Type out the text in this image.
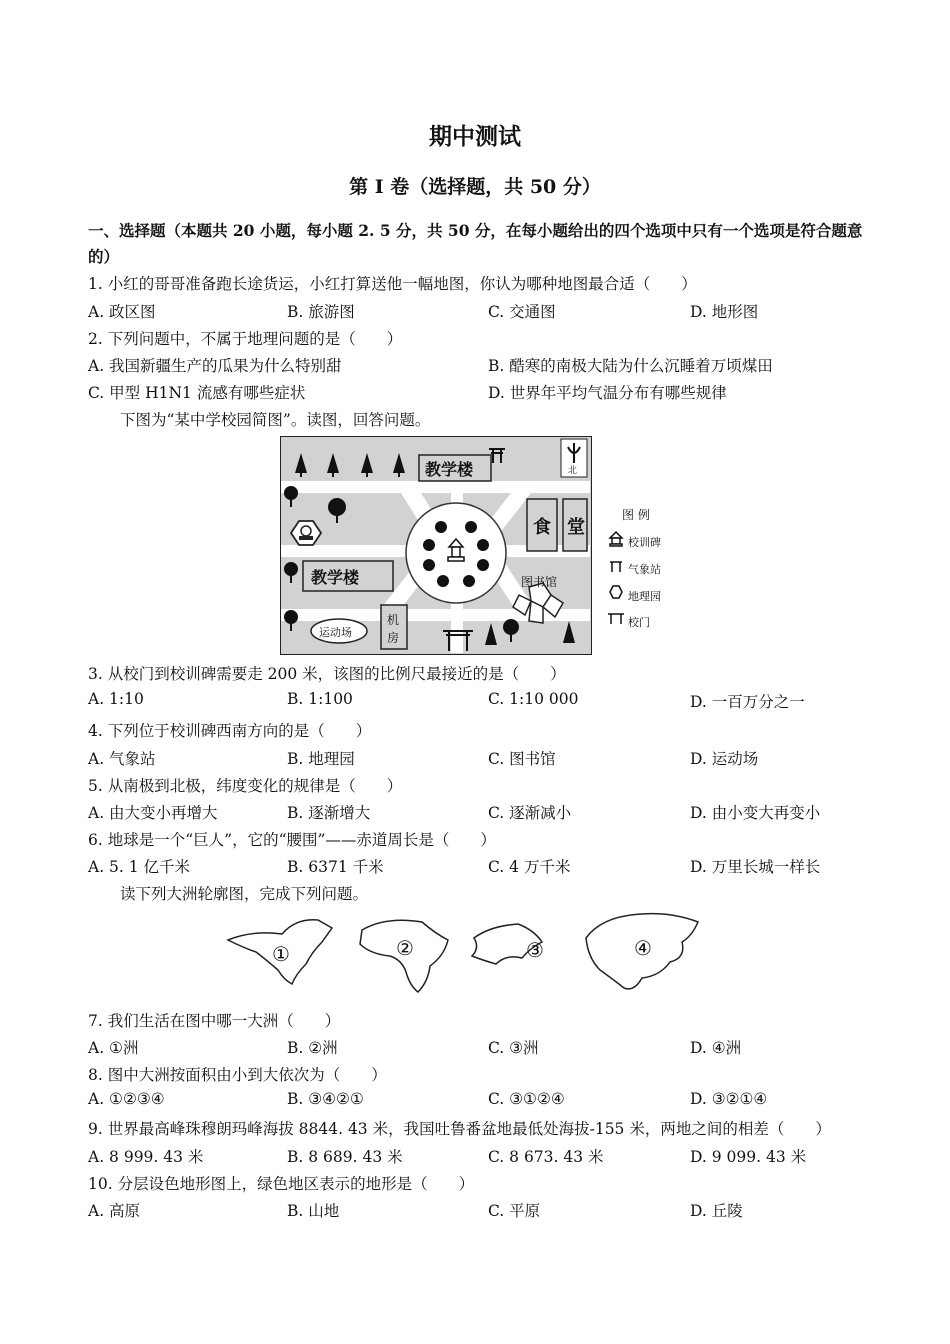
期中测试
第 I 卷（选择题，共 50 分）
一、选择题（本题共 20 小题，每小题 2. 5 分，共 50 分，在每小题给出的四个选项中只有一个选项是符合题意的）
1. 小红的哥哥准备跑长途货运，小红打算送他一幅地图，你认为哪种地图最合适（　　）
A. 政区图	B. 旅游图	C. 交通图	D. 地形图
2. 下列问题中，不属于地理问题的是（　　）
A. 我国新疆生产的瓜果为什么特别甜	B. 酷寒的南极大陆为什么沉睡着万顷煤田
C. 甲型 H1N1 流感有哪些症状	D. 世界年平均气温分布有哪些规律
下图为“某中学校园简图”。读图，回答问题。
教学楼
教学楼
食 堂
图书馆
运动场
机
房
北
图 例
校训碑
气象站
地理园
校门
3. 从校门到校训碑需要走 200 米，该图的比例尺最接近的是（　　）
A. 1:10	B. 1:100	C. 1:10 000	D. 一百万分之一
4. 下列位于校训碑西南方向的是（　　）
A. 气象站	B. 地理园	C. 图书馆	D. 运动场
5. 从南极到北极，纬度变化的规律是（　　）
A. 由大变小再增大	B. 逐渐增大	C. 逐渐减小	D. 由小变大再变小
6. 地球是一个“巨人”，它的“腰围”——赤道周长是（　　）
A. 5. 1 亿千米	B. 6371 千米	C. 4 万千米	D. 万里长城一样长
读下列大洲轮廓图，完成下列问题。
①	②	③	④
7. 我们生活在图中哪一大洲（　　）
A. ①洲	B. ②洲	C. ③洲	D. ④洲
8. 图中大洲按面积由小到大依次为（　　）
A. ①②③④	B. ③④②①	C. ③①②④	D. ③②①④
9. 世界最高峰珠穆朗玛峰海拔 8844. 43 米，我国吐鲁番盆地最低处海拔-155 米，两地之间的相差（　　）
A. 8 999. 43 米	B. 8 689. 43 米	C. 8 673. 43 米	D. 9 099. 43 米
10. 分层设色地形图上，绿色地区表示的地形是（　　）
A. 高原	B. 山地	C. 平原	D. 丘陵
